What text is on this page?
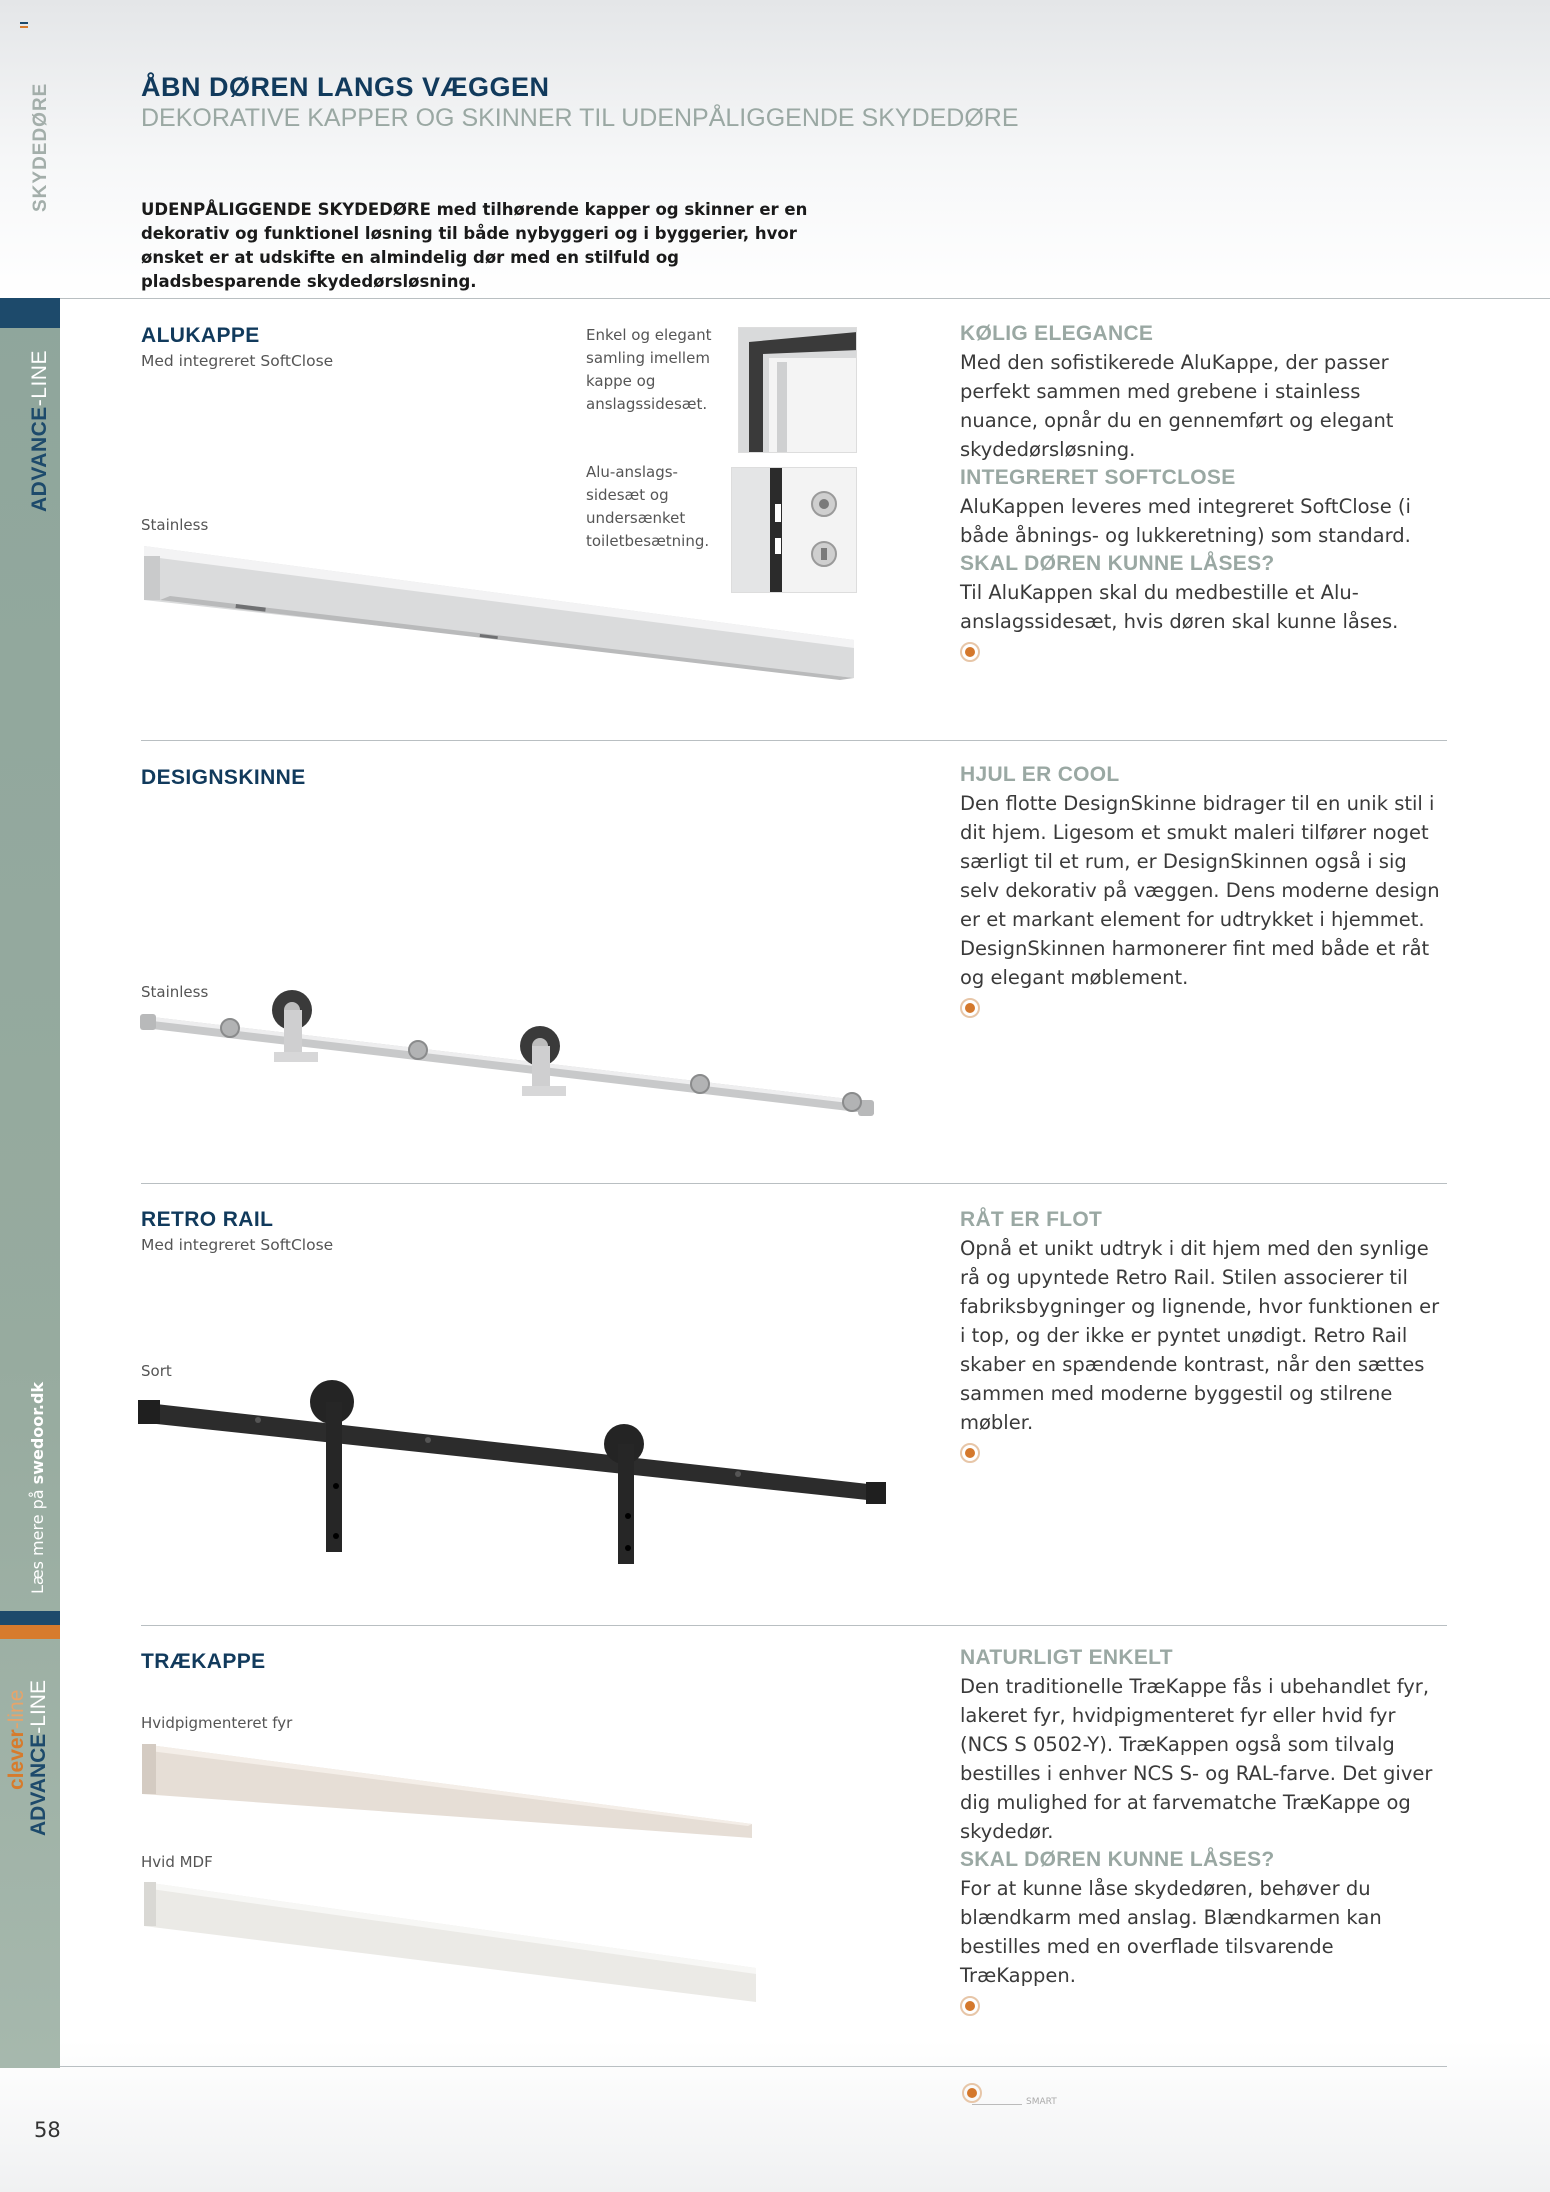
SKYDEDØRE
ADVANCE-LINE
Læs mere på swedoor.dk
clever-line
ADVANCE-LINE
ÅBN DØREN LANGS VÆGGEN
DEKORATIVE KAPPER OG SKINNER TIL UDENPÅLIGGENDE SKYDEDØRE
UDENPÅLIGGENDE SKYDEDØRE med tilhørende kapper og skinner er en dekorativ og funktionel løsning til både nybyggeri og i byggerier, hvor ønsket er at udskifte en almindelig dør med en stilfuld og pladsbesparende skydedørsløsning.
ALUKAPPE
Med integreret SoftClose
Stainless
Enkel og elegant samling imellem kappe og anslagssidesæt.
Alu-anslags-sidesæt og undersænket toiletbesætning.
KØLIG ELEGANCE

Med den sofistikerede AluKappe, der passer perfekt sammen med grebene i stainless nuance, opnår du en gennemført og elegant skydedørsløsning.

INTEGRERET SOFTCLOSE

AluKappen leveres med integreret SoftClose (i både åbnings- og lukkeretning) som standard.

SKAL DØREN KUNNE LÅSES?

Til AluKappen skal du medbestille et Alu-anslagssidesæt, hvis døren skal kunne låses.

DESIGNSKINNE
Stainless
HJUL ER COOL

Den flotte DesignSkinne bidrager til en unik stil i dit hjem. Ligesom et smukt maleri tilfører noget særligt til et rum, er DesignSkinnen også i sig selv dekorativ på væggen. Dens moderne design er et markant element for udtrykket i hjemmet. DesignSkinnen harmonerer fint med både et råt og elegant møblement.

RETRO RAIL
Med integreret SoftClose
Sort
RÅT ER FLOT

Opnå et unikt udtryk i dit hjem med den synlige rå og upyntede Retro Rail. Stilen associerer til fabriksbygninger og lignende, hvor funktionen er i top, og der ikke er pyntet unødigt. Retro Rail skaber en spændende kontrast, når den sættes sammen med moderne byggestil og stilrene møbler.

TRÆKAPPE
Hvidpigmenteret fyr
Hvid MDF
NATURLIGT ENKELT

Den traditionelle TræKappe fås i ubehandlet fyr, lakeret fyr, hvidpigmenteret fyr eller hvid fyr (NCS S 0502-Y). TræKappen også som tilvalg bestilles i enhver NCS S- og RAL-farve. Det giver dig mulighed for at farvematche TræKappe og skydedør.

SKAL DØREN KUNNE LÅSES?

For at kunne låse skydedøren, behøver du blændkarm med anslag. Blændkarmen kan bestilles med en overflade tilsvarende TræKappen.

58
SMART
